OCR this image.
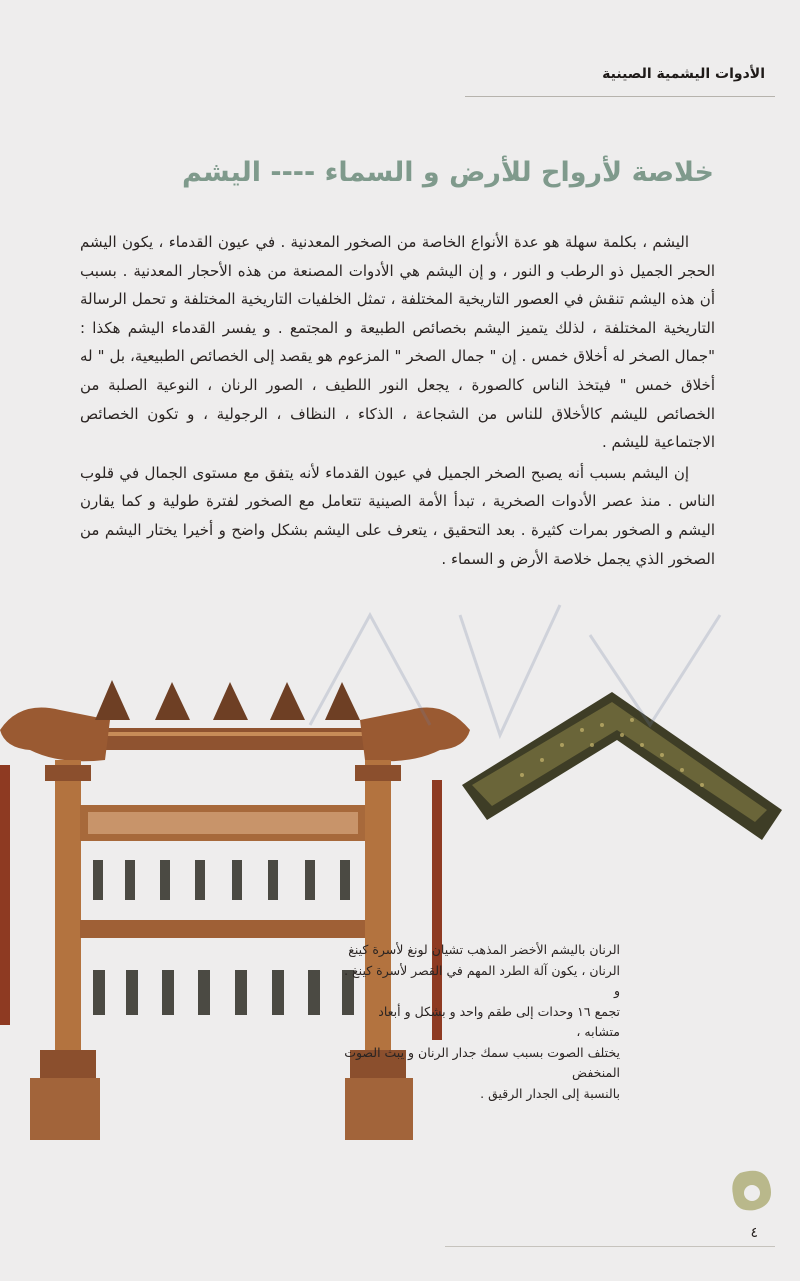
الأدوات اليشمية الصينية
خلاصة لأرواح للأرض و السماء ---- اليشم

اليشم ، بكلمة سهلة هو عدة الأنواع الخاصة من الصخور المعدنية . في عيون القدماء ، يكون اليشم الحجر الجميل ذو الرطب و النور ، و إن اليشم هي الأدوات المصنعة من هذه الأحجار المعدنية . بسبب أن هذه اليشم تنقش في العصور التاريخية المختلفة ، تمثل الخلفيات التاريخية المختلفة و تحمل الرسالة التاريخية المختلفة ، لذلك يتميز اليشم بخصائص الطبيعة و المجتمع . و يفسر القدماء اليشم هكذا : "جمال الصخر له أخلاق خمس . إن " جمال الصخر " المزعوم هو يقصد إلى الخصائص الطبيعية، بل " له أخلاق خمس " فيتخذ الناس كالصورة ، يجعل النور اللطيف ، الصور الرنان ، النوعية الصلبة من الخصائص لليشم كالأخلاق للناس من الشجاعة ، الذكاء ، النظاف ، الرجولية ، و تكون الخصائص الاجتماعية لليشم .

إن اليشم بسبب أنه يصبح الصخر الجميل في عيون القدماء لأنه يتفق مع مستوى الجمال في قلوب الناس . منذ عصر الأدوات الصخرية ، تبدأ الأمة الصينية تتعامل مع الصخور لفترة طولية و كما يقارن اليشم و الصخور بمرات كثيرة . بعد التحقيق ، يتعرف على اليشم بشكل واضح و أخيرا يختار اليشم من الصخور الذي يجمل خلاصة الأرض و السماء .

الرنان باليشم الأخضر المذهب تشيان لونغ لأسرة كينغ

الرنان ، يكون آلة الطرد المهم في القصر لأسرة كينغ . و

تجمع ١٦ وحدات إلى طقم واحد و بشكل و أبعاد متشابه ،

يختلف الصوت بسبب سمك جدار الرنان و يبث الصوت المنخفض

بالنسبة إلى الجدار الرقيق .

٤
